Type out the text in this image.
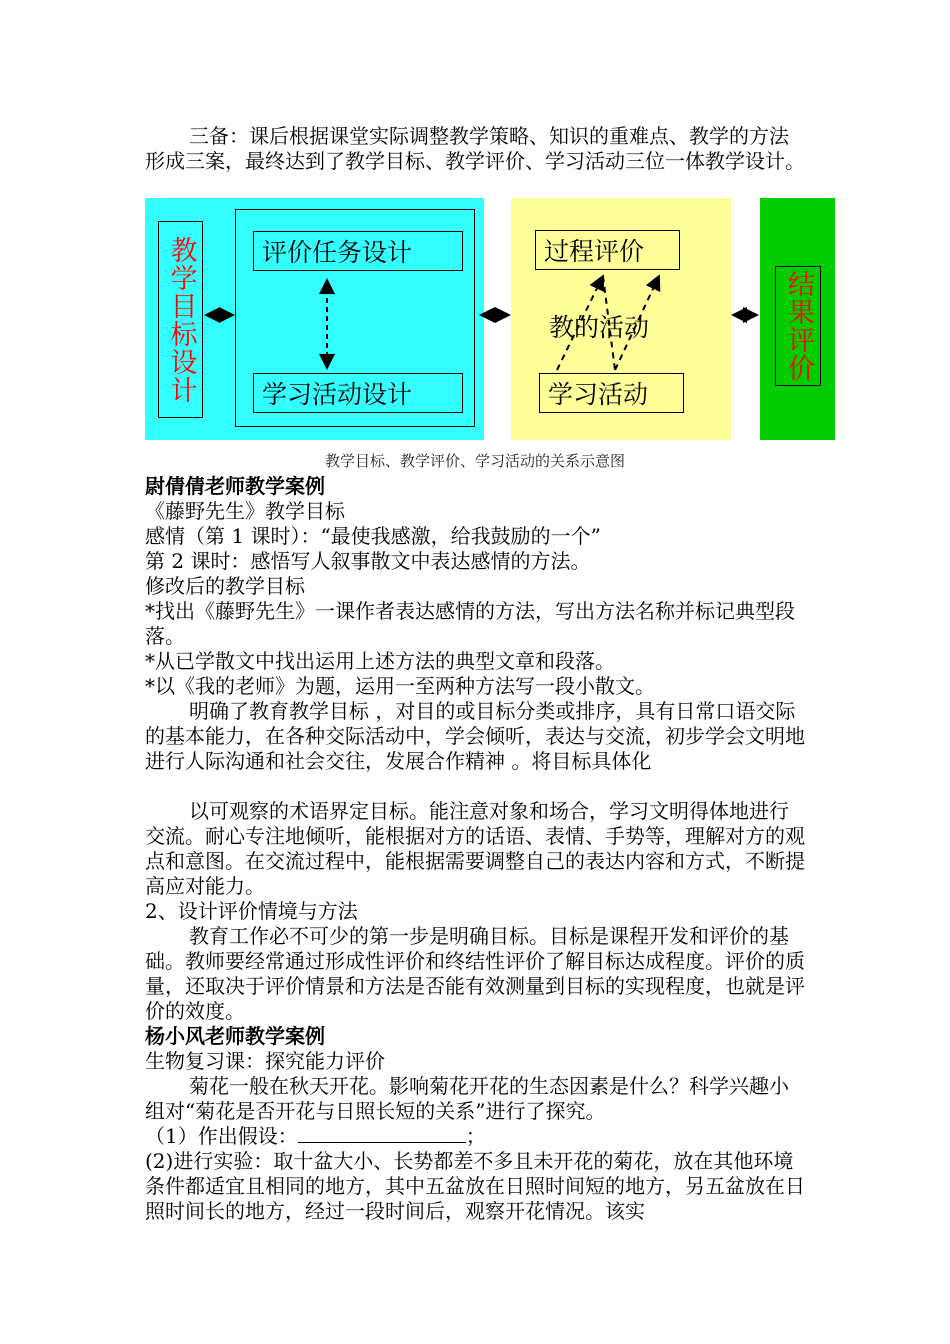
三备：课后根据课堂实际调整教学策略、知识的重难点、教学的方法形成三案，最终达到了教学目标、教学评价、学习活动三位一体教学设计。

教学目标设计	评价任务设计
学习活动设计
过程评价
教的活动
学习活动
结果评价
教学目标、教学评价、学习活动的关系示意图

尉倩倩老师教学案例

《藤野先生》教学目标

感情（第 1 课时）：“最使我感激，给我鼓励的一个”

第 2 课时：感悟写人叙事散文中表达感情的方法。

修改后的教学目标

*找出《藤野先生》一课作者表达感情的方法，写出方法名称并标记典型段落。

*从已学散文中找出运用上述方法的典型文章和段落。

*以《我的老师》为题，运用一至两种方法写一段小散文。

明确了教育教学目标 ，对目的或目标分类或排序，具有日常口语交际的基本能力，在各种交际活动中，学会倾听，表达与交流，初步学会文明地进行人际沟通和社会交往，发展合作精神 。将目标具体化

以可观察的术语界定目标。能注意对象和场合，学习文明得体地进行交流。耐心专注地倾听，能根据对方的话语、表情、手势等，理解对方的观点和意图。在交流过程中，能根据需要调整自己的表达内容和方式，不断提高应对能力。

2、设计评价情境与方法

教育工作必不可少的第一步是明确目标。目标是课程开发和评价的基础。教师要经常通过形成性评价和终结性评价了解目标达成程度。评价的质量，还取决于评价情景和方法是否能有效测量到目标的实现程度，也就是评价的效度。

杨小风老师教学案例

生物复习课：探究能力评价

菊花一般在秋天开花。影响菊花开花的生态因素是什么？科学兴趣小组对“菊花是否开花与日照长短的关系”进行了探究。

（1）作出假设：	；

(2)进行实验：取十盆大小、长势都差不多且未开花的菊花，放在其他环境条件都适宜且相同的地方，其中五盆放在日照时间短的地方，另五盆放在日照时间长的地方，经过一段时间后，观察开花情况。该实
